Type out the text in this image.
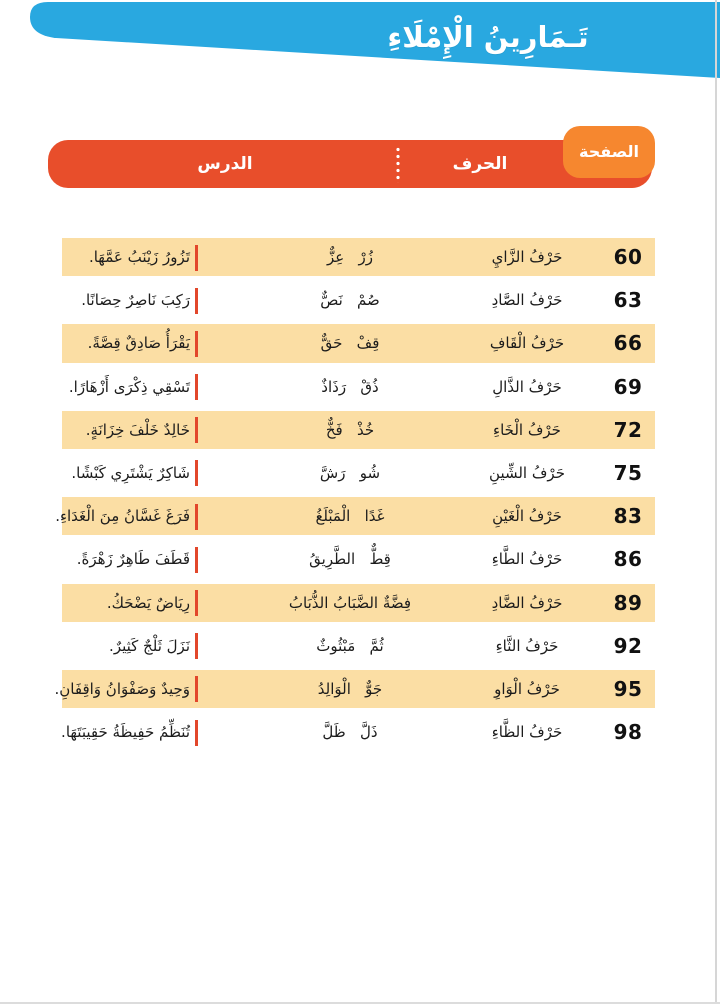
تَـمَارِينُ الْإِمْلَاءِ
الحرف
الدرس
الصفحة
60
حَرْفُ الزَّايِ
زُرْ   عِزٌّ
تَزُورُ زَيْنَبُ عَمَّهَا.
63
حَرْفُ الصَّادِ
صُمْ   نَصٌّ
رَكِبَ نَاصِرٌ حِصَانًا.
66
حَرْفُ الْقَافِ
قِفْ   حَقٌّ
يَقْرَأُ صَادِقٌ قِصَّةً.
69
حَرْفُ الذَّالِ
ذُقْ   رَذَاذٌ
تَسْقِي ذِكْرَى أَزْهَارًا.
72
حَرْفُ الْخَاءِ
خُذْ   فَخٌّ
خَالِدٌ خَلْفَ خِزَانَةٍ.
75
حَرْفُ الشِّينِ
شُو   رَشَّ
شَاكِرٌ يَشْتَرِي كَبْشًا.
83
حَرْفُ الْغَيْنِ
غَدًا   الْمَبْلَغُ
فَرَغَ غَسَّانُ مِنَ الْغَدَاءِ.
86
حَرْفُ الطَّاءِ
قِطٌّ   الطَّرِيقُ
قَطَفَ طَاهِرٌ زَهْرَةً.
89
حَرْفُ الضَّادِ
فِضَّةٌ الضَّبَابُ الذُّبَابُ
رِيَاضٌ يَضْحَكُ.
92
حَرْفُ الثَّاءِ
ثُمَّ   مَبْثُوثٌ
نَزَلَ ثَلْجٌ كَثِيرٌ.
95
حَرْفُ الْوَاوِ
جَوٌّ   الْوَالِدُ
وَحِيدٌ وَصَفْوَانُ وَاقِفَانِ.
98
حَرْفُ الظَّاءِ
ذَلَّ   ظَلَّ
تُنَظِّمُ حَفِيظَةُ حَقِيبَتَهَا.
